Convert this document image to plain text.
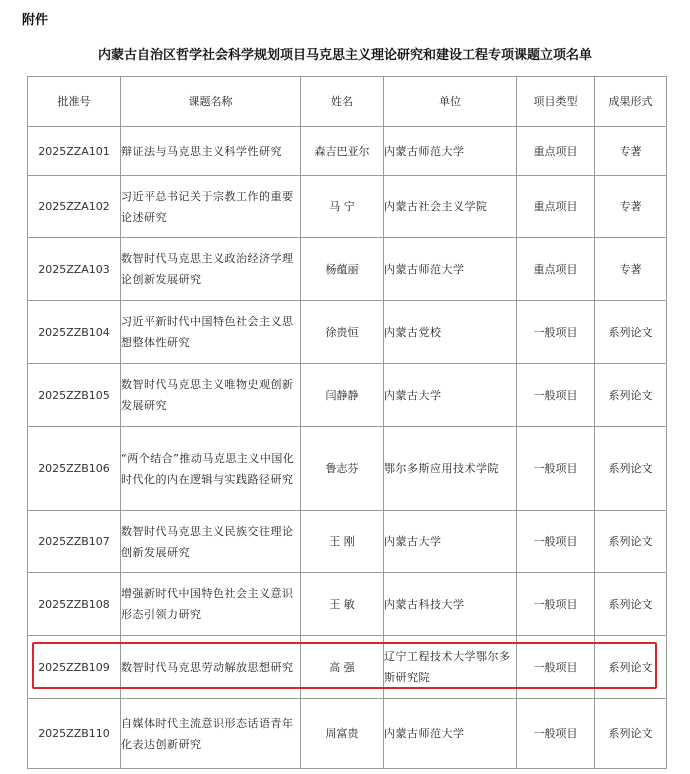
附件
内蒙古自治区哲学社会科学规划项目马克思主义理论研究和建设工程专项课题立项名单
批准号	课题名称	姓名	单位	项目类型	成果形式
2025ZZA101	辩证法与马克思主义科学性研究	森吉巴亚尔	内蒙古师范大学	重点项目	专著
2025ZZA102	习近平总书记关于宗教工作的重要论述研究	马 宁	内蒙古社会主义学院	重点项目	专著
2025ZZA103	数智时代马克思主义政治经济学理论创新发展研究	杨蕴丽	内蒙古师范大学	重点项目	专著
2025ZZB104	习近平新时代中国特色社会主义思想整体性研究	徐贵恒	内蒙古党校	一般项目	系列论文
2025ZZB105	数智时代马克思主义唯物史观创新发展研究	闫静静	内蒙古大学	一般项目	系列论文
2025ZZB106	“两个结合”推动马克思主义中国化时代化的内在逻辑与实践路径研究	鲁志芬	鄂尔多斯应用技术学院	一般项目	系列论文
2025ZZB107	数智时代马克思主义民族交往理论创新发展研究	王 刚	内蒙古大学	一般项目	系列论文
2025ZZB108	增强新时代中国特色社会主义意识形态引领力研究	王 敏	内蒙古科技大学	一般项目	系列论文
2025ZZB109	数智时代马克思劳动解放思想研究	高 强	辽宁工程技术大学鄂尔多斯研究院	一般项目	系列论文
2025ZZB110	自媒体时代主流意识形态话语青年化表达创新研究	周富贵	内蒙古师范大学	一般项目	系列论文
